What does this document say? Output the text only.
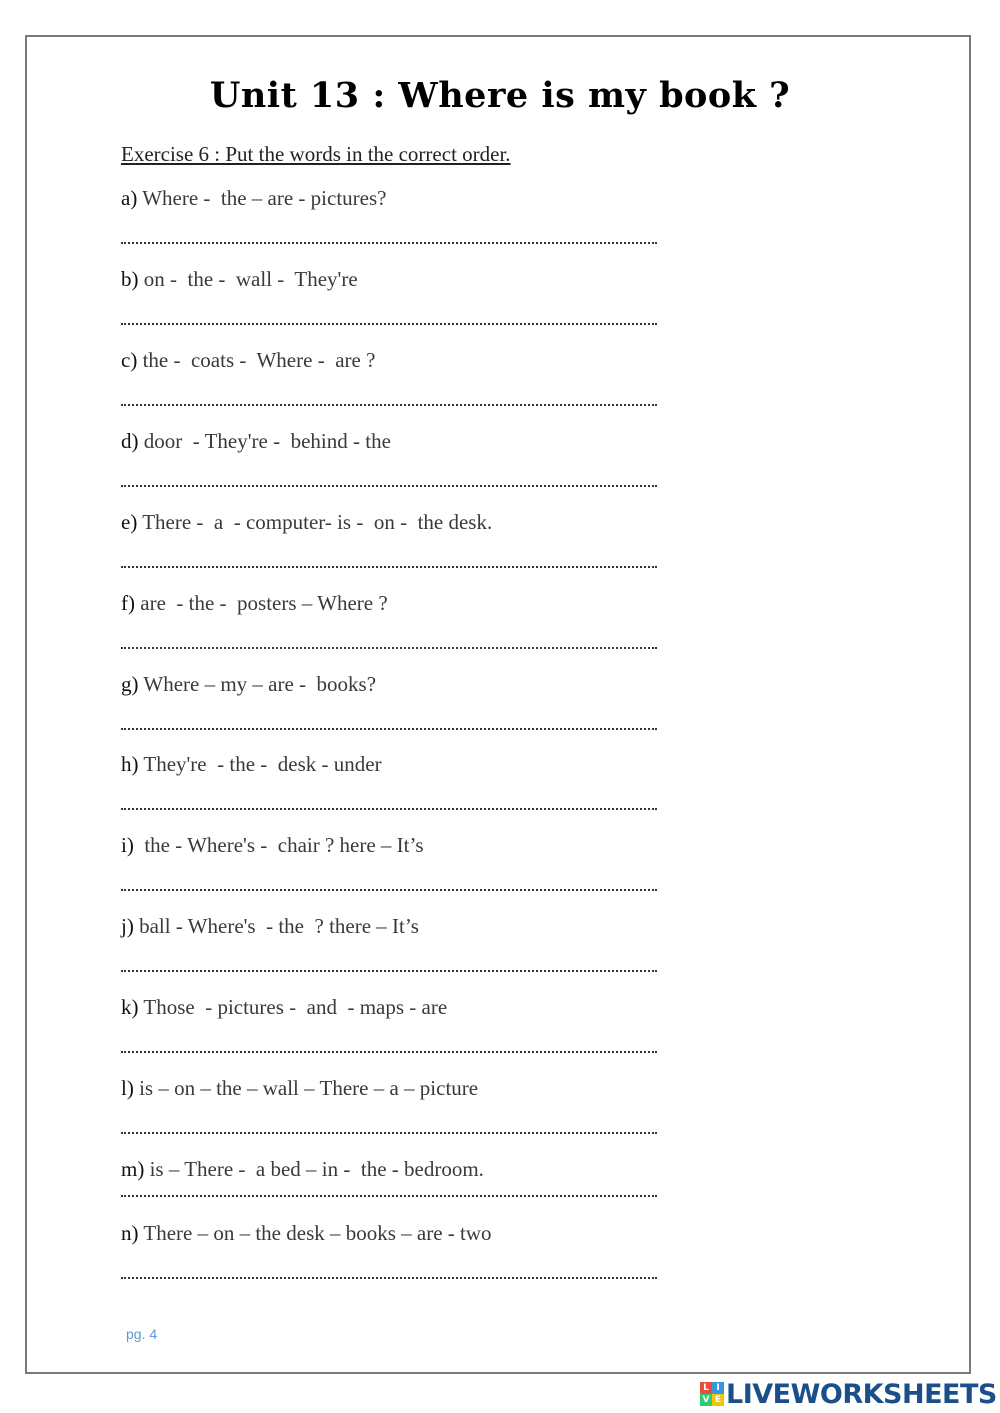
Unit 13 : Where is my book ?
Exercise 6 : Put the words in the correct order.
a) Where -  the – are - pictures?
b) on -  the -  wall -  They're
c) the -  coats -  Where -  are ?
d) door  - They're -  behind - the
e) There -  a  - computer- is -  on -  the desk.
f) are  - the -  posters – Where ?
g) Where – my – are -  books?
h) They're  - the -  desk - under
i)  the - Where's -  chair ? here – It’s
j) ball - Where's  - the  ? there – It’s
k) Those  - pictures -  and  - maps - are
l) is – on – the – wall – There – a – picture
m) is – There -  a bed – in -  the - bedroom.
n) There – on – the desk – books – are - two
pg. 4
L I
V E LIVEWORKSHEETS
